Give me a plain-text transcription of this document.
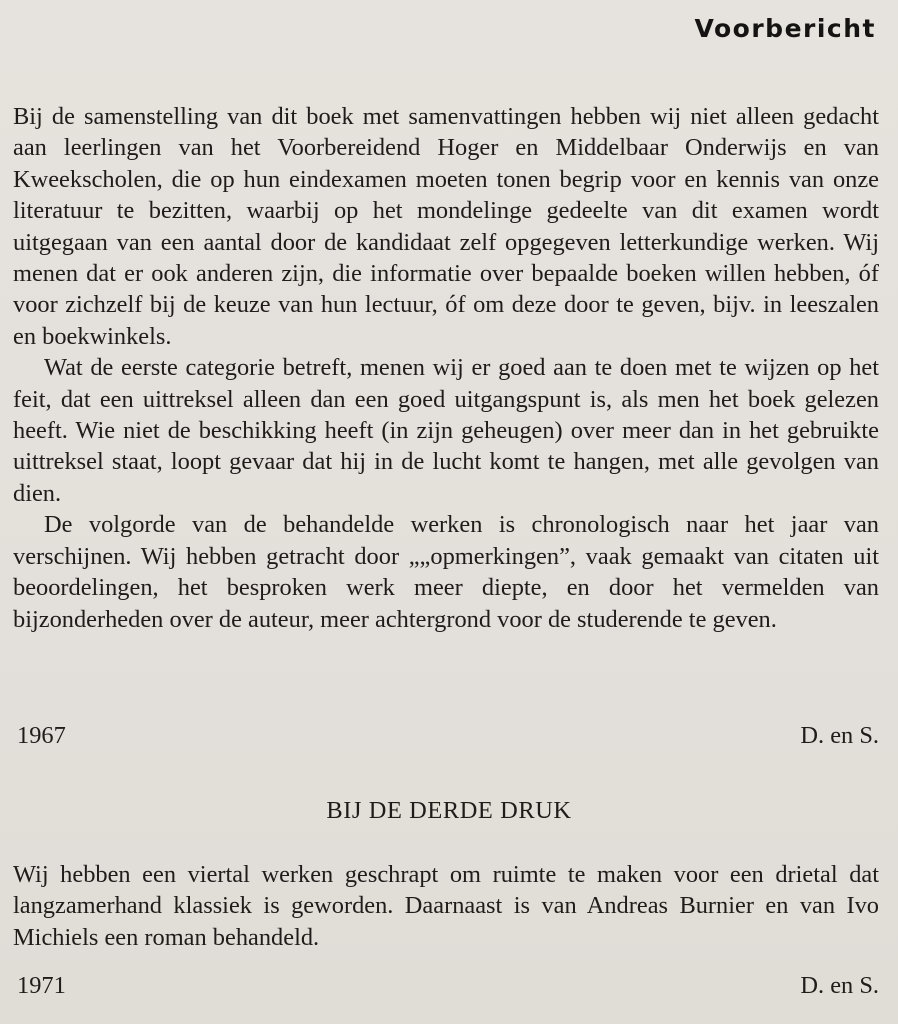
Voorbericht

Bij de samenstelling van dit boek met samenvattingen hebben wij niet alleen gedacht aan leerlingen van het Voorbereidend Hoger en Middelbaar Onderwijs en van Kweekscholen, die op hun eindexamen moeten tonen begrip voor en kennis van onze literatuur te bezitten, waarbij op het mondelinge gedeelte van dit examen wordt uitgegaan van een aantal door de kandidaat zelf opgegeven letterkundige werken. Wij menen dat er ook anderen zijn, die informatie over bepaalde boeken willen hebben, óf voor zichzelf bij de keuze van hun lectuur, óf om deze door te geven, bijv. in leeszalen en boekwinkels.

Wat de eerste categorie betreft, menen wij er goed aan te doen met te wijzen op het feit, dat een uittreksel alleen dan een goed uitgangspunt is, als men het boek gelezen heeft. Wie niet de beschikking heeft (in zijn geheugen) over meer dan in het gebruikte uittreksel staat, loopt gevaar dat hij in de lucht komt te hangen, met alle gevolgen van dien.

De volgorde van de behandelde werken is chronologisch naar het jaar van verschijnen. Wij hebben getracht door „„opmerkingen”, vaak gemaakt van citaten uit beoordelingen, het besproken werk meer diepte, en door het vermelden van bijzonderheden over de auteur, meer achtergrond voor de studerende te geven.

1967	D. en S.
BIJ DE DERDE DRUK

Wij hebben een viertal werken geschrapt om ruimte te maken voor een drietal dat langzamerhand klassiek is geworden. Daarnaast is van Andreas Burnier en van Ivo Michiels een roman behandeld.

1971	D. en S.
